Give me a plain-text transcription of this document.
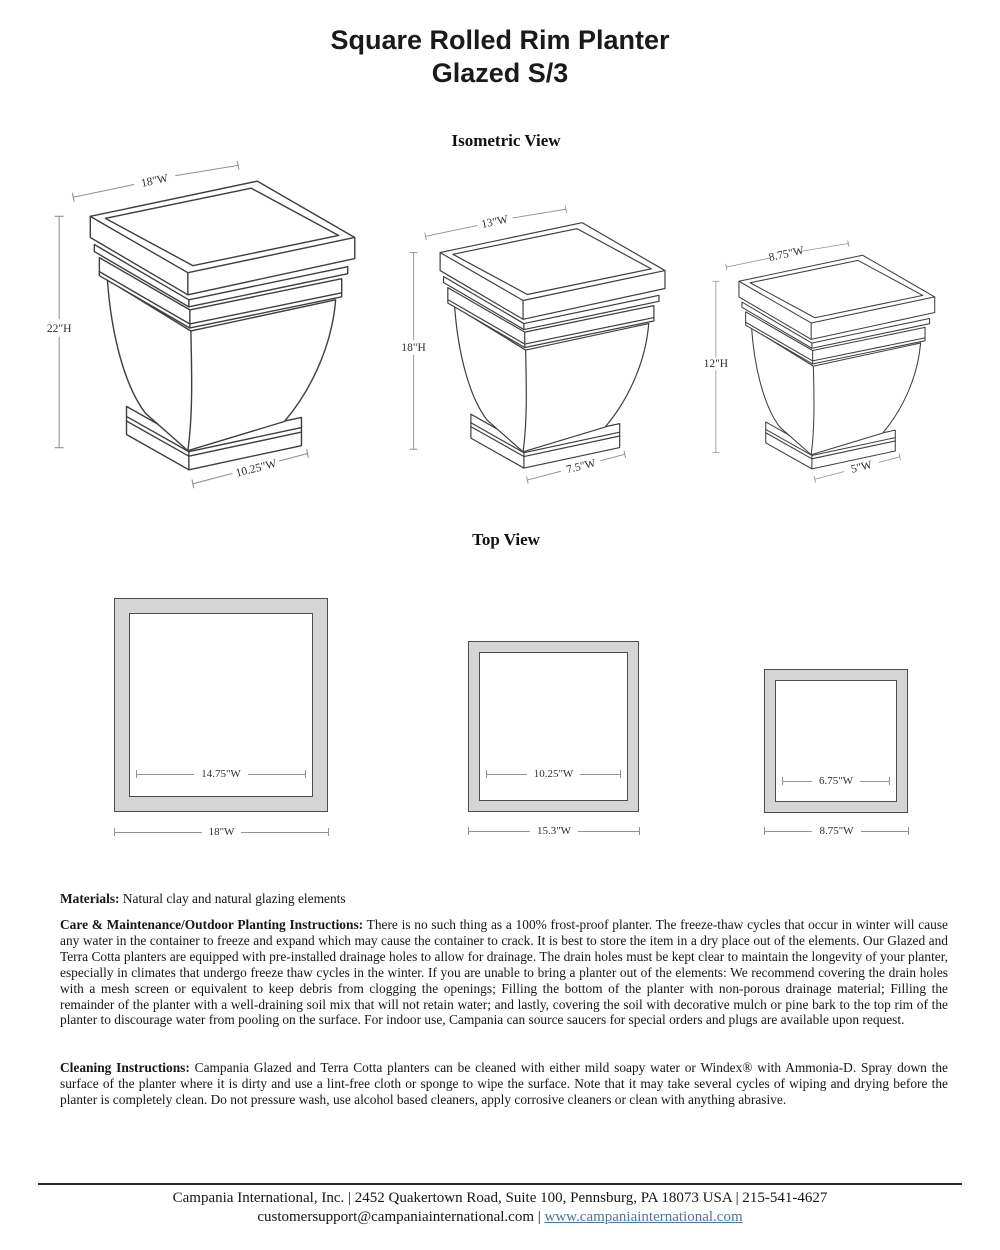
Square Rolled Rim Planter
Glazed S/3
Isometric View
18"W
22"H
10.25"W
13"W
18"H
7.5"W
8.75"W
12"H
5"W
Top View
14.75"W
18"W
10.25"W
15.3"W
6.75"W
8.75"W
Materials: Natural clay and natural glazing elements
Care & Maintenance/Outdoor Planting Instructions: There is no such thing as a 100% frost-proof planter. The freeze-thaw cycles that occur in winter will cause any water in the container to freeze and expand which may cause the container to crack. It is best to store the item in a dry place out of the elements. Our Glazed and Terra Cotta planters are equipped with pre-installed drainage holes to allow for drainage. The drain holes must be kept clear to maintain the longevity of your planter, especially in climates that undergo freeze thaw cycles in the winter. If you are unable to bring a planter out of the elements: We recommend covering the drain holes with a mesh screen or equivalent to keep debris from clogging the openings; Filling the bottom of the planter with non-porous drainage material; Filling the remainder of the planter with a well-draining soil mix that will not retain water; and lastly, covering the soil with decorative mulch or pine bark to the top rim of the planter to discourage water from pooling on the surface. For indoor use, Campania can source saucers for special orders and plugs are available upon request.
Cleaning Instructions: Campania Glazed and Terra Cotta planters can be cleaned with either mild soapy water or Windex® with Ammonia-D. Spray down the surface of the planter where it is dirty and use a lint-free cloth or sponge to wipe the surface. Note that it may take several cycles of wiping and drying before the planter is completely clean. Do not pressure wash, use alcohol based cleaners, apply corrosive cleaners or clean with anything abrasive.
Campania International, Inc. | 2452 Quakertown Road, Suite 100, Pennsburg, PA 18073 USA | 215-541-4627
customersupport@campaniainternational.com | www.campaniainternational.com
